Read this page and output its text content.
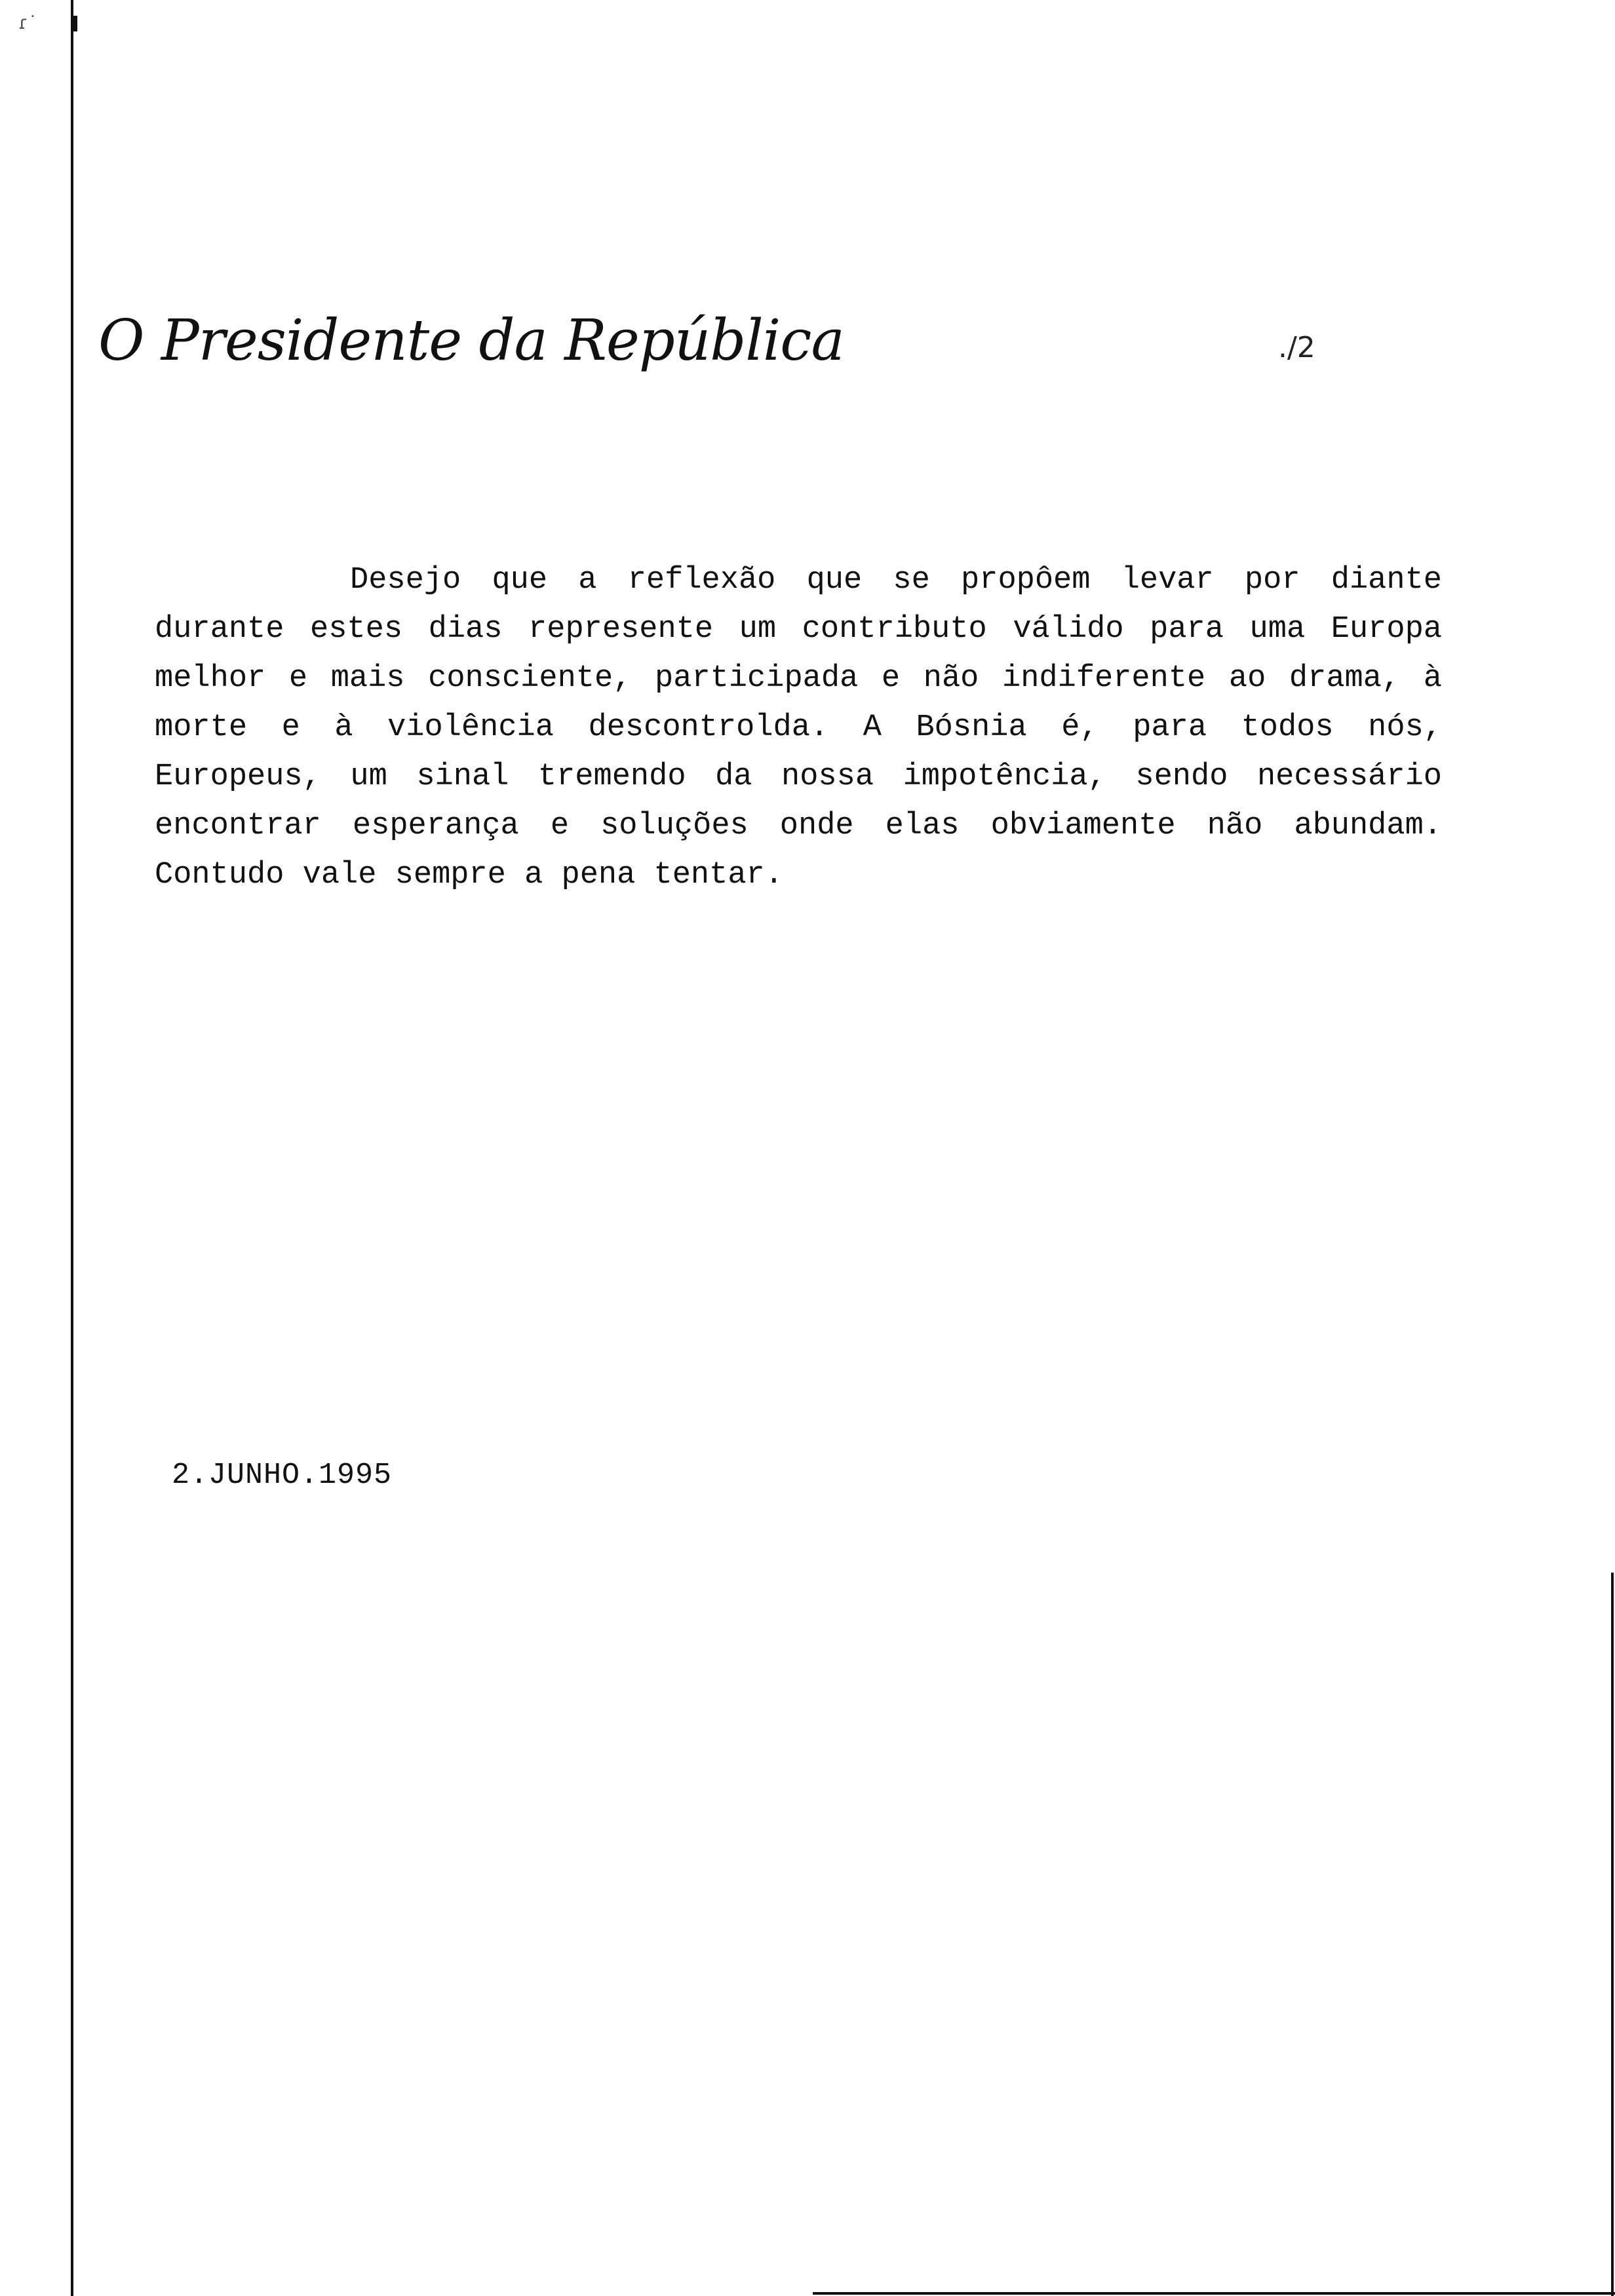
ɾ˙
O Presidente da República	./2

Desejo que a reflexão que se propôem levar por diante durante estes dias represente um contributo válido para uma Europa melhor e mais consciente, participada e não indiferente ao drama, à morte e à violência descontrolda. A Bósnia é, para todos nós, Europeus, um sinal tremendo da nossa impotência, sendo necessário encontrar esperança e soluções onde elas obviamente não abundam. Contudo vale sempre a pena tentar.

2.JUNHO.1995
